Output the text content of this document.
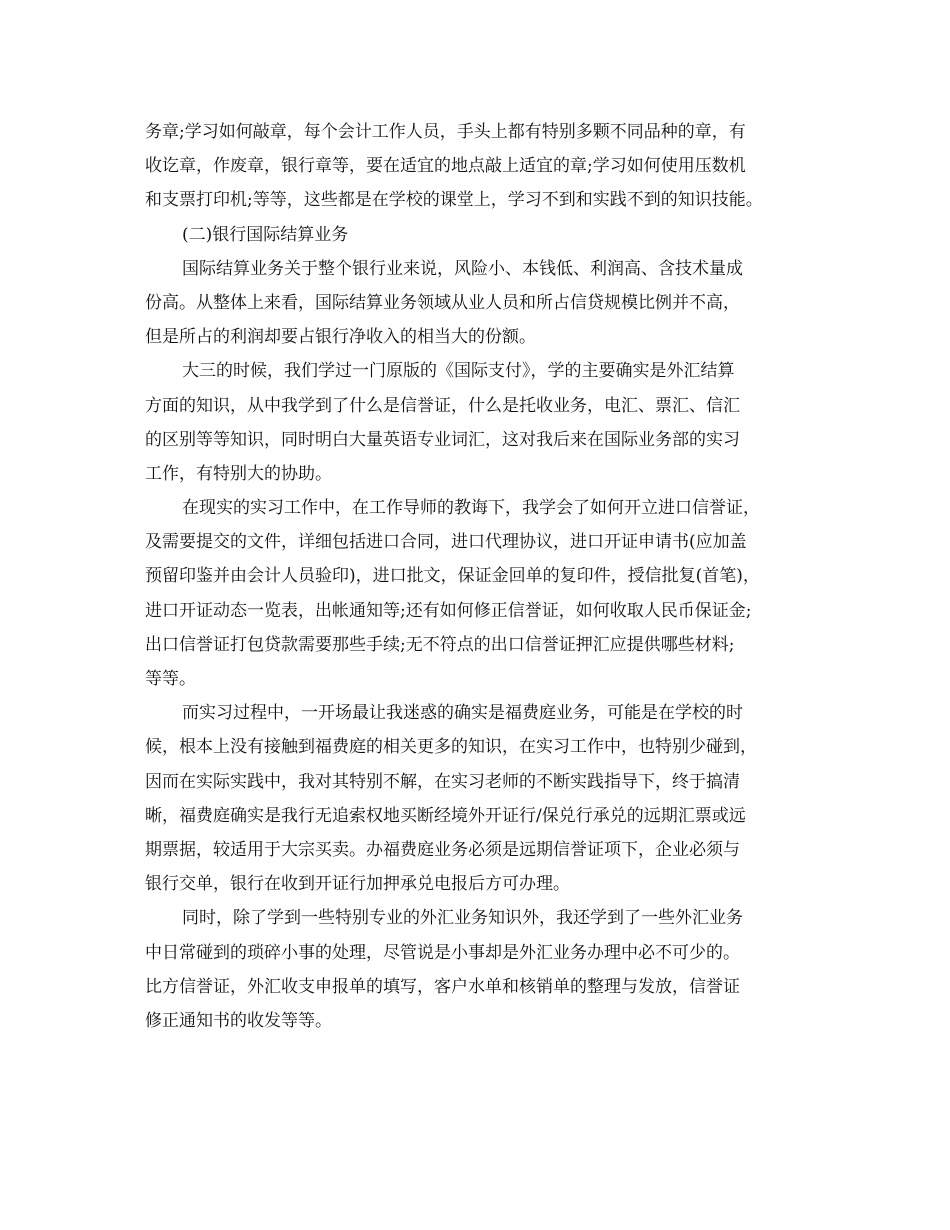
务章;学习如何敲章，每个会计工作人员，手头上都有特别多颗不同品种的章，有
收讫章，作废章，银行章等，要在适宜的地点敲上适宜的章;学习如何使用压数机
和支票打印机;等等，这些都是在学校的课堂上，学习不到和实践不到的知识技能。
(二)银行国际结算业务
国际结算业务关于整个银行业来说，风险小、本钱低、利润高、含技术量成
份高。从整体上来看，国际结算业务领域从业人员和所占信贷规模比例并不高，
但是所占的利润却要占银行净收入的相当大的份额。
大三的时候，我们学过一门原版的《国际支付》，学的主要确实是外汇结算
方面的知识，从中我学到了什么是信誉证，什么是托收业务，电汇、票汇、信汇
的区别等等知识，同时明白大量英语专业词汇，这对我后来在国际业务部的实习
工作，有特别大的协助。
在现实的实习工作中，在工作导师的教诲下，我学会了如何开立进口信誉证，
及需要提交的文件，详细包括进口合同，进口代理协议，进口开证申请书(应加盖
预留印鉴并由会计人员验印)，进口批文，保证金回单的复印件，授信批复(首笔)，
进口开证动态一览表，出帐通知等;还有如何修正信誉证，如何收取人民币保证金;
出口信誉证打包贷款需要那些手续;无不符点的出口信誉证押汇应提供哪些材料;
等等。
而实习过程中，一开场最让我迷惑的确实是福费庭业务，可能是在学校的时
候，根本上没有接触到福费庭的相关更多的知识，在实习工作中，也特别少碰到，
因而在实际实践中，我对其特别不解，在实习老师的不断实践指导下，终于搞清
晰，福费庭确实是我行无追索权地买断经境外开证行/保兑行承兑的远期汇票或远
期票据，较适用于大宗买卖。办福费庭业务必须是远期信誉证项下，企业必须与
银行交单，银行在收到开证行加押承兑电报后方可办理。
同时，除了学到一些特别专业的外汇业务知识外，我还学到了一些外汇业务
中日常碰到的琐碎小事的处理，尽管说是小事却是外汇业务办理中必不可少的。
比方信誉证，外汇收支申报单的填写，客户水单和核销单的整理与发放，信誉证
修正通知书的收发等等。
